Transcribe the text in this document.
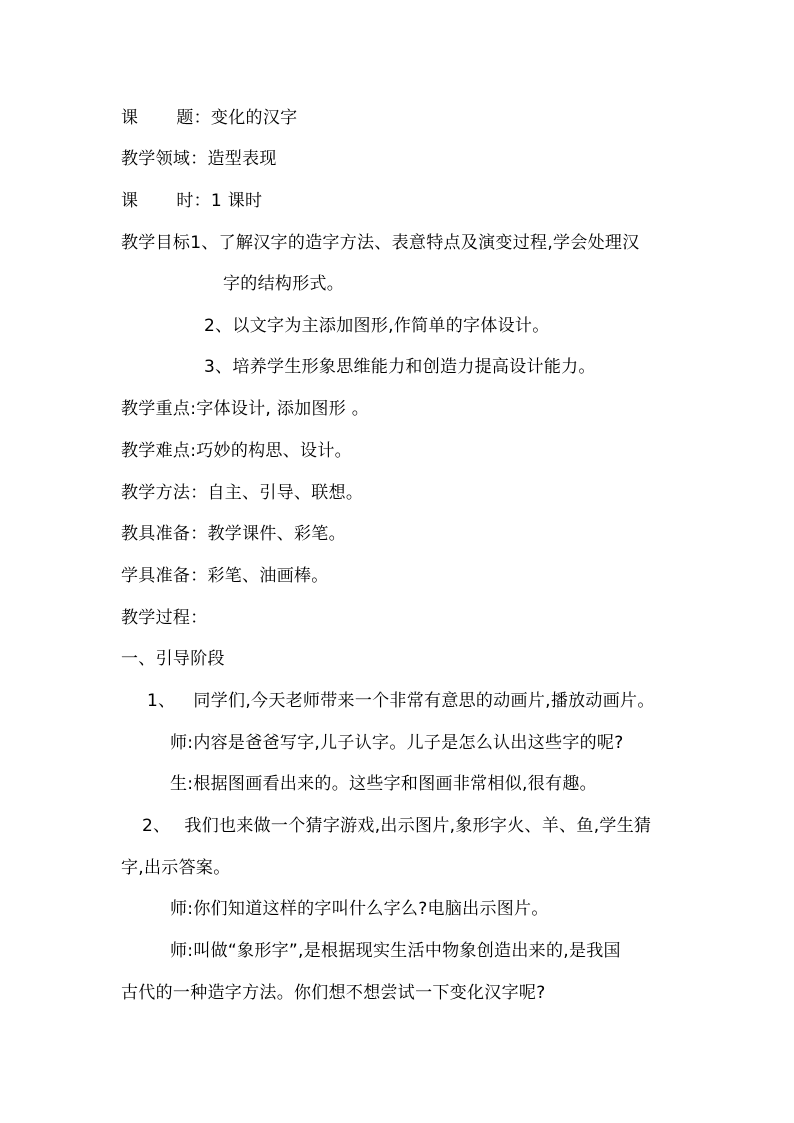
课 题：变化的汉字
教学领域：造型表现
课 时：1 课时
教学目标1、了解汉字的造字方法、表意特点及演变过程,学会处理汉
字的结构形式。
2、以文字为主添加图形,作简单的字体设计。
3、培养学生形象思维能力和创造力提高设计能力。
教学重点:字体设计, 添加图形 。
教学难点:巧妙的构思、设计。
教学方法：自主、引导、联想。
教具准备：教学课件、彩笔。
学具准备：彩笔、油画棒。
教学过程：
一、引导阶段
1、 同学们,今天老师带来一个非常有意思的动画片,播放动画片。
师:内容是爸爸写字,儿子认字。儿子是怎么认出这些字的呢?
生:根据图画看出来的。这些字和图画非常相似,很有趣。
2、 我们也来做一个猜字游戏,出示图片,象形字火、羊、鱼,学生猜
字,出示答案。
师:你们知道这样的字叫什么字么?电脑出示图片。
师:叫做“象形字”,是根据现实生活中物象创造出来的,是我国
古代的一种造字方法。你们想不想尝试一下变化汉字呢?
